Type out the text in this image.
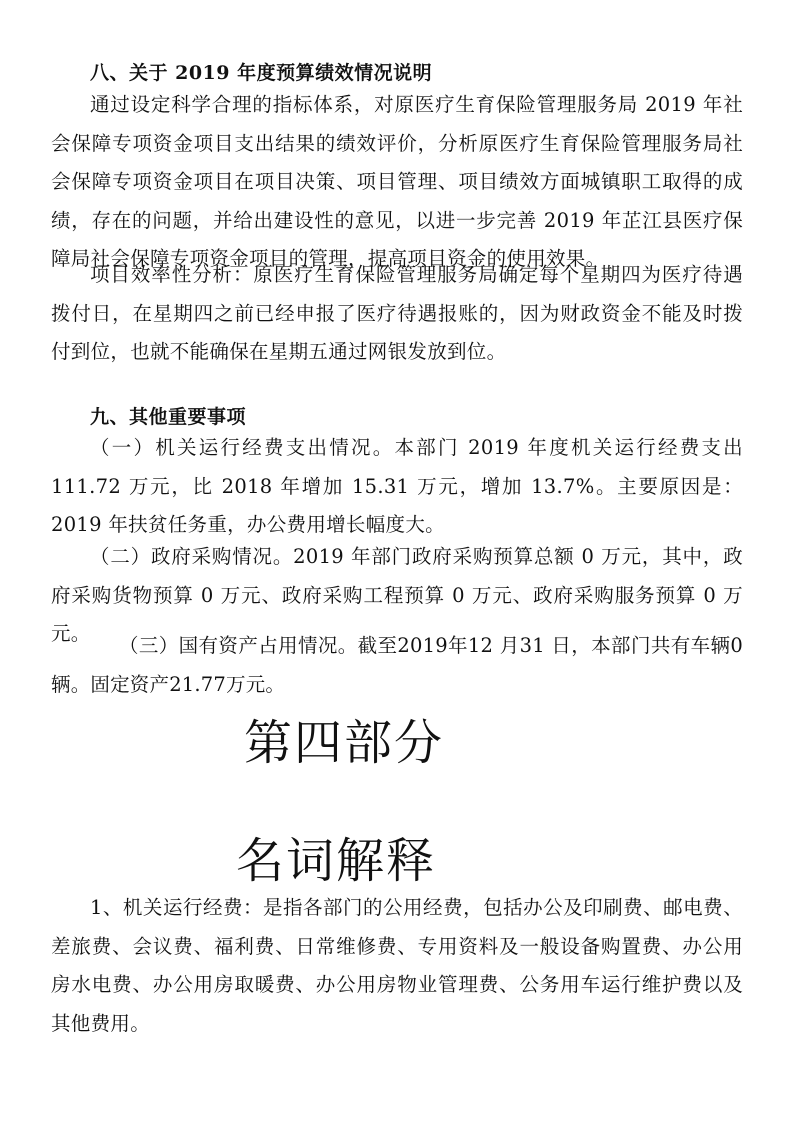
八、关于 2019 年度预算绩效情况说明
通过设定科学合理的指标体系，对原医疗生育保险管理服务局 2019 年社会保障专项资金项目支出结果的绩效评价，分析原医疗生育保险管理服务局社会保障专项资金项目在项目决策、项目管理、项目绩效方面城镇职工取得的成绩，存在的问题，并给出建设性的意见，以进一步完善 2019 年芷江县医疗保障局社会保障专项资金项目的管理，提高项目资金的使用效果。
项目效率性分析：原医疗生育保险管理服务局确定每个星期四为医疗待遇拨付日，在星期四之前已经申报了医疗待遇报账的，因为财政资金不能及时拨付到位，也就不能确保在星期五通过网银发放到位。
九、其他重要事项
（一）机关运行经费支出情况。本部门 2019 年度机关运行经费支出 111.72 万元，比 2018 年增加 15.31 万元，增加 13.7%。主要原因是：2019 年扶贫任务重，办公费用增长幅度大。
（二）政府采购情况。2019 年部门政府采购预算总额 0 万元，其中，政府采购货物预算 0 万元、政府采购工程预算 0 万元、政府采购服务预算 0 万元。
（三）国有资产占用情况。截至2019年12 月31 日，本部门共有车辆0辆。固定资产21.77万元。
第四部分
名词解释
1、机关运行经费：是指各部门的公用经费，包括办公及印刷费、邮电费、差旅费、会议费、福利费、日常维修费、专用资料及一般设备购置费、办公用房水电费、办公用房取暖费、办公用房物业管理费、公务用车运行维护费以及其他费用。
